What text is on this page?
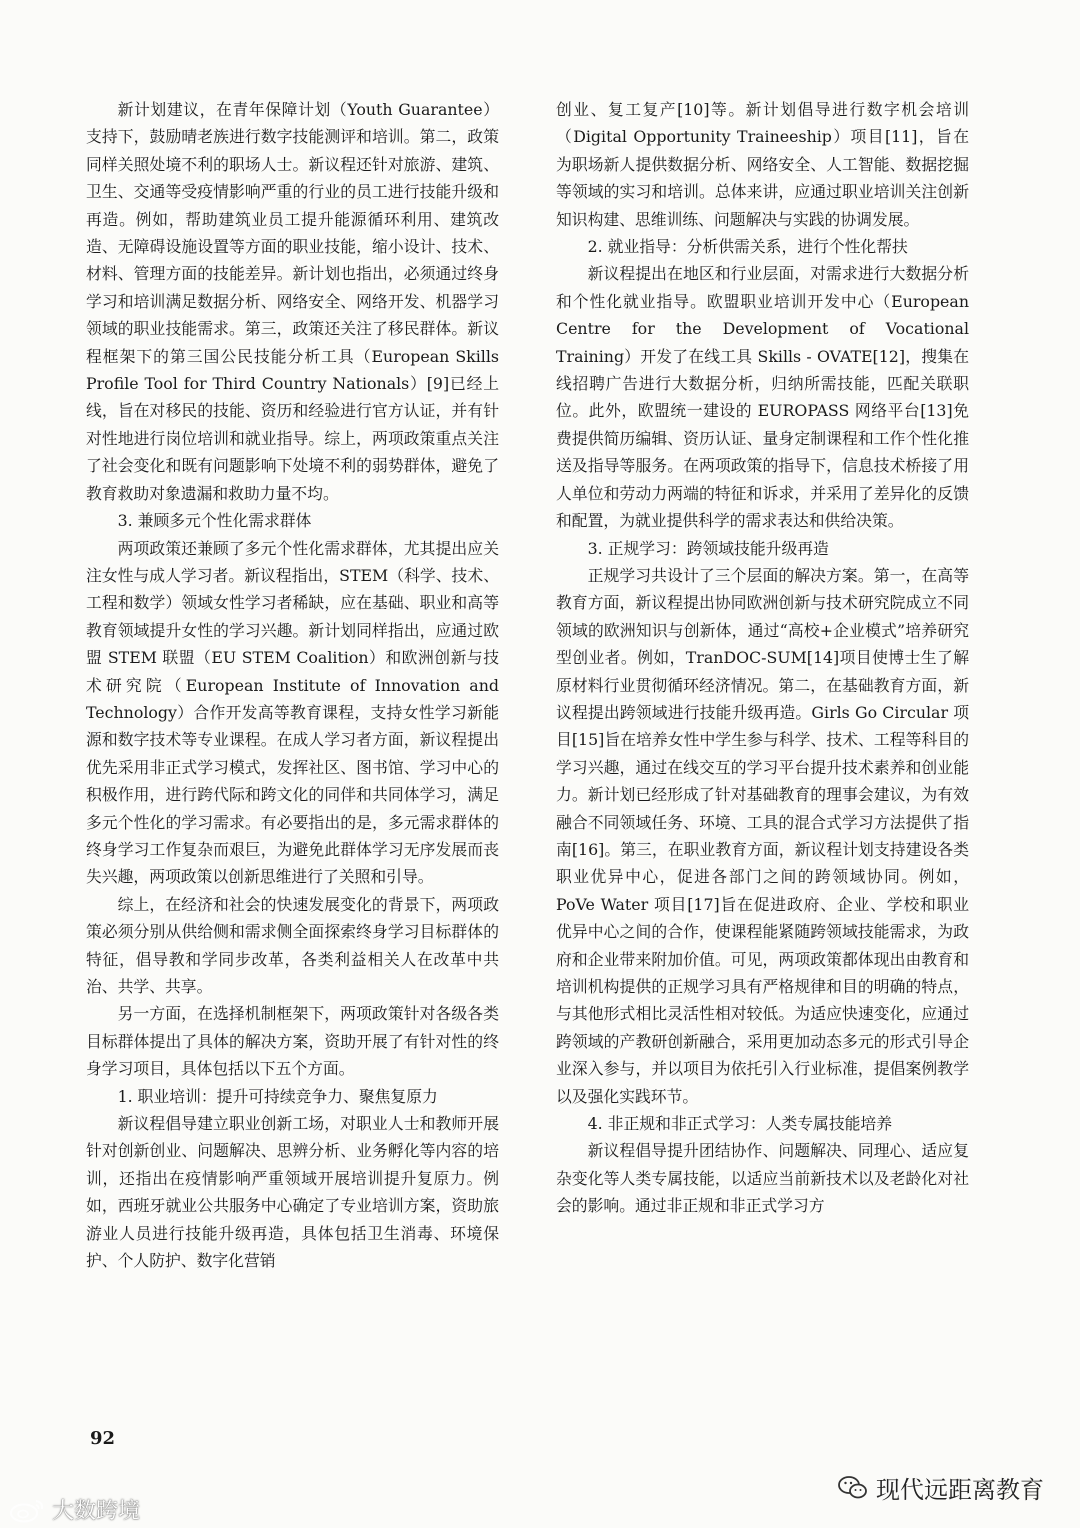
新计划建议，在青年保障计划（Youth Guarantee）支持下，鼓励晴老族进行数字技能测评和培训。第二，政策同样关照处境不利的职场人士。新议程还针对旅游、建筑、卫生、交通等受疫情影响严重的行业的员工进行技能升级和再造。例如，帮助建筑业员工提升能源循环利用、建筑改造、无障碍设施设置等方面的职业技能，缩小设计、技术、材料、管理方面的技能差异。新计划也指出，必须通过终身学习和培训满足数据分析、网络安全、网络开发、机器学习领域的职业技能需求。第三，政策还关注了移民群体。新议程框架下的第三国公民技能分析工具（European Skills Profile Tool for Third Country Nationals）[9]已经上线，旨在对移民的技能、资历和经验进行官方认证，并有针对性地进行岗位培训和就业指导。综上，两项政策重点关注了社会变化和既有问题影响下处境不利的弱势群体，避免了教育救助对象遗漏和救助力量不均。

3. 兼顾多元个性化需求群体

两项政策还兼顾了多元个性化需求群体，尤其提出应关注女性与成人学习者。新议程指出，STEM（科学、技术、工程和数学）领域女性学习者稀缺，应在基础、职业和高等教育领域提升女性的学习兴趣。新计划同样指出，应通过欧盟 STEM 联盟（EU STEM Coalition）和欧洲创新与技术研究院（European Institute of Innovation and Technology）合作开发高等教育课程，支持女性学习新能源和数字技术等专业课程。在成人学习者方面，新议程提出优先采用非正式学习模式，发挥社区、图书馆、学习中心的积极作用，进行跨代际和跨文化的同伴和共同体学习，满足多元个性化的学习需求。有必要指出的是，多元需求群体的终身学习工作复杂而艰巨，为避免此群体学习无序发展而丧失兴趣，两项政策以创新思维进行了关照和引导。

综上，在经济和社会的快速发展变化的背景下，两项政策必须分别从供给侧和需求侧全面探索终身学习目标群体的特征，倡导教和学同步改革，各类利益相关人在改革中共治、共学、共享。

另一方面，在选择机制框架下，两项政策针对各级各类目标群体提出了具体的解决方案，资助开展了有针对性的终身学习项目，具体包括以下五个方面。

1. 职业培训：提升可持续竞争力、聚焦复原力

新议程倡导建立职业创新工场，对职业人士和教师开展针对创新创业、问题解决、思辨分析、业务孵化等内容的培训，还指出在疫情影响严重领域开展培训提升复原力。例如，西班牙就业公共服务中心确定了专业培训方案，资助旅游业人员进行技能升级再造，具体包括卫生消毒、环境保护、个人防护、数字化营销

创业、复工复产[10]等。新计划倡导进行数字机会培训（Digital Opportunity Traineeship）项目[11]，旨在为职场新人提供数据分析、网络安全、人工智能、数据挖掘等领域的实习和培训。总体来讲，应通过职业培训关注创新知识构建、思维训练、问题解决与实践的协调发展。

2. 就业指导：分析供需关系，进行个性化帮扶

新议程提出在地区和行业层面，对需求进行大数据分析和个性化就业指导。欧盟职业培训开发中心（European Centre for the Development of Vocational Training）开发了在线工具 Skills - OVATE[12]，搜集在线招聘广告进行大数据分析，归纳所需技能，匹配关联职位。此外，欧盟统一建设的 EUROPASS 网络平台[13]免费提供简历编辑、资历认证、量身定制课程和工作个性化推送及指导等服务。在两项政策的指导下，信息技术桥接了用人单位和劳动力两端的特征和诉求，并采用了差异化的反馈和配置，为就业提供科学的需求表达和供给决策。

3. 正规学习：跨领域技能升级再造

正规学习共设计了三个层面的解决方案。第一，在高等教育方面，新议程提出协同欧洲创新与技术研究院成立不同领域的欧洲知识与创新体，通过“高校+企业模式”培养研究型创业者。例如，TranDOC-SUM[14]项目使博士生了解原材料行业贯彻循环经济情况。第二，在基础教育方面，新议程提出跨领域进行技能升级再造。Girls Go Circular 项目[15]旨在培养女性中学生参与科学、技术、工程等科目的学习兴趣，通过在线交互的学习平台提升技术素养和创业能力。新计划已经形成了针对基础教育的理事会建议，为有效融合不同领域任务、环境、工具的混合式学习方法提供了指南[16]。第三，在职业教育方面，新议程计划支持建设各类职业优异中心，促进各部门之间的跨领域协同。例如，PoVe Water 项目[17]旨在促进政府、企业、学校和职业优异中心之间的合作，使课程能紧随跨领域技能需求，为政府和企业带来附加价值。可见，两项政策都体现出由教育和培训机构提供的正规学习具有严格规律和目的明确的特点，与其他形式相比灵活性相对较低。为适应快速变化，应通过跨领域的产教研创新融合，采用更加动态多元的形式引导企业深入参与，并以项目为依托引入行业标准，提倡案例教学以及强化实践环节。

4. 非正规和非正式学习：人类专属技能培养

新议程倡导提升团结协作、问题解决、同理心、适应复杂变化等人类专属技能，以适应当前新技术以及老龄化对社会的影响。通过非正规和非正式学习方

92
现代远距离教育
大数跨境
